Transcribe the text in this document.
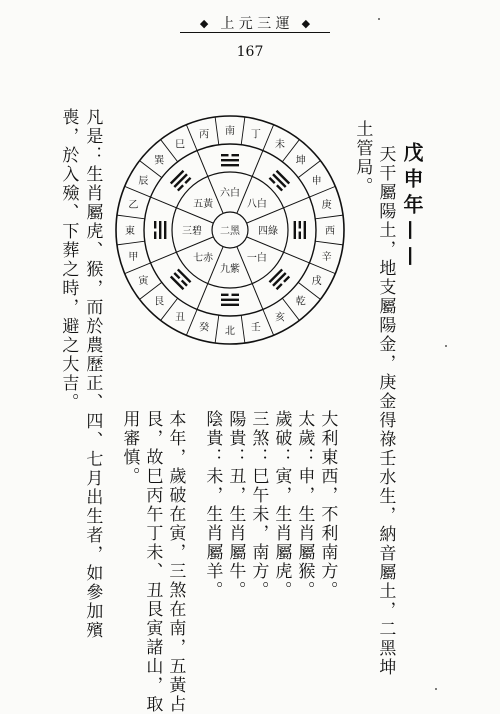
◆ 上 元 三 運 ◆
167
戊申年——
天干屬陽土，地支屬陽金，庚金得祿壬水生，納音屬土，二黑坤
土管局。
大利東西，不利南方。
太歲：申，生肖屬猴。
歲破：寅，生肖屬虎。
三煞：巳午未，南方。
陽貴：丑，生肖屬牛。
陰貴：未，生肖屬羊。
本年，歲破在寅，三煞在南，五黃占
艮，故巳丙午丁未、丑艮寅諸山，取
用審慎。
凡是：生肖屬虎、猴，而於農歷正、四、七月出生者，如參加殯
喪，於入殮、下葬之時，避之大吉。	南 丁
未
坤
申
庚
西
辛
戌
乾
亥
壬
北
癸
丑
艮
寅
甲
東
乙
辰
巽
巳
丙
六白
八白
四綠
一白
九紫
七赤
三碧
五黃
二黑
